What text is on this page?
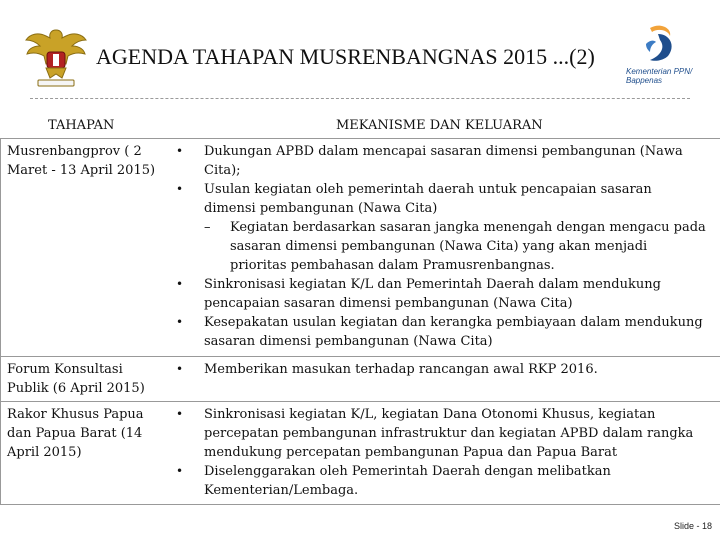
AGENDA TAHAPAN MUSRENBANGNAS 2015 ...(2)
Kementerian PPN/ Bappenas
TAHAPAN	MEKANISME DAN KELUARAN
Musrenbangprov ( 2 Maret - 13 April 2015)
• Dukungan APBD dalam mencapai sasaran dimensi pembangunan (Nawa Cita);
• Usulan kegiatan oleh pemerintah daerah untuk pencapaian sasaran dimensi pembangunan (Nawa Cita)
– Kegiatan berdasarkan sasaran jangka menengah dengan mengacu pada sasaran dimensi pembangunan (Nawa Cita) yang akan menjadi prioritas pembahasan dalam Pramusrenbangnas.
• Sinkronisasi kegiatan K/L dan Pemerintah Daerah dalam mendukung pencapaian sasaran dimensi pembangunan (Nawa Cita)
• Kesepakatan usulan kegiatan dan kerangka pembiayaan dalam mendukung sasaran dimensi pembangunan (Nawa Cita)
Forum Konsultasi Publik (6 April 2015)
• Memberikan masukan terhadap rancangan awal RKP 2016.
Rakor Khusus Papua dan Papua Barat (14 April 2015)
• Sinkronisasi kegiatan K/L, kegiatan Dana Otonomi Khusus, kegiatan percepatan pembangunan infrastruktur dan kegiatan APBD dalam rangka mendukung percepatan pembangunan Papua dan Papua Barat
• Diselenggarakan oleh Pemerintah Daerah dengan melibatkan Kementerian/Lembaga.
Slide - 18
